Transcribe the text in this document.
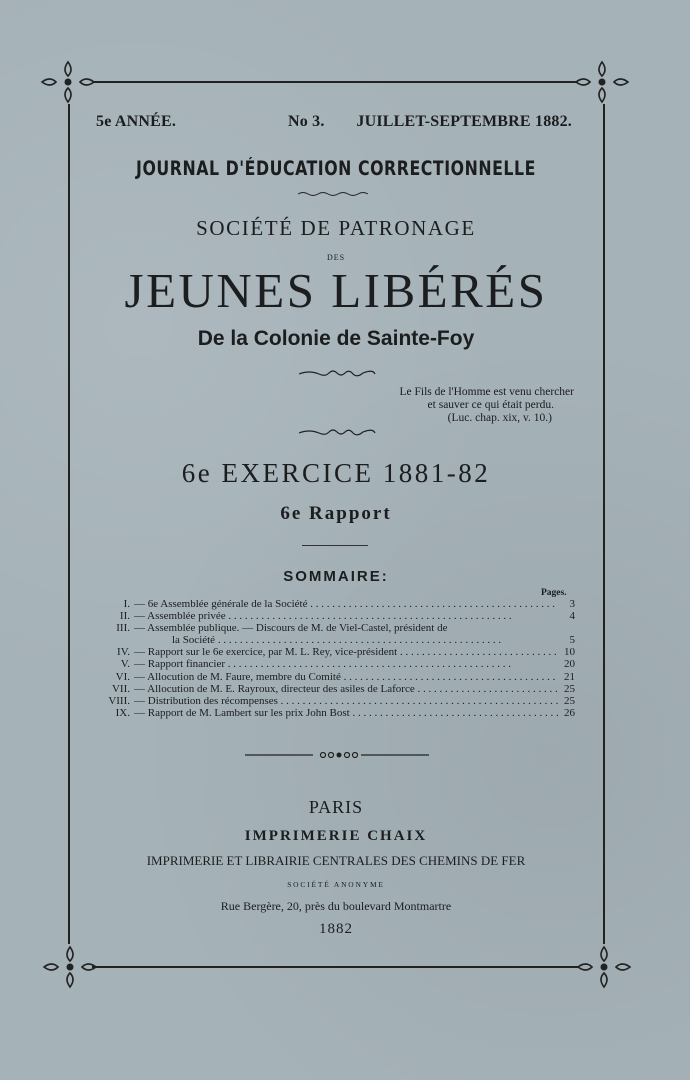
5e ANNÉE.	No 3. JUILLET-SEPTEMBRE 1882.
JOURNAL D'ÉDUCATION CORRECTIONNELLE
SOCIÉTÉ DE PATRONAGE
DES
JEUNES LIBÉRÉS
De la Colonie de Sainte-Foy
Le Fils de l'Homme est venu chercher
et sauver ce qui était perdu.
(Luc. chap. xix, v. 10.)
6e EXERCICE 1881-82
6e Rapport
SOMMAIRE:
Pages.
I. — 6e Assemblée générale de la Société . . .	3
II. — Assemblée privée . . .	4
III. — Assemblée publique. — Discours de M. de Viel-Castel, président de
la Société . . .	5
IV. — Rapport sur le 6e exercice, par M. L. Rey, vice-président . . .	10
V. — Rapport financier . . .	20
VI. — Allocution de M. Faure, membre du Comité . . .	21
VII. — Allocution de M. E. Rayroux, directeur des asiles de Laforce . . .	25
VIII. — Distribution des récompenses . . .	25
IX. — Rapport de M. Lambert sur les prix John Bost . . .	26
PARIS
IMPRIMERIE CHAIX
IMPRIMERIE ET LIBRAIRIE CENTRALES DES CHEMINS DE FER
SOCIÉTÉ ANONYME
Rue Bergère, 20, près du boulevard Montmartre
1882
